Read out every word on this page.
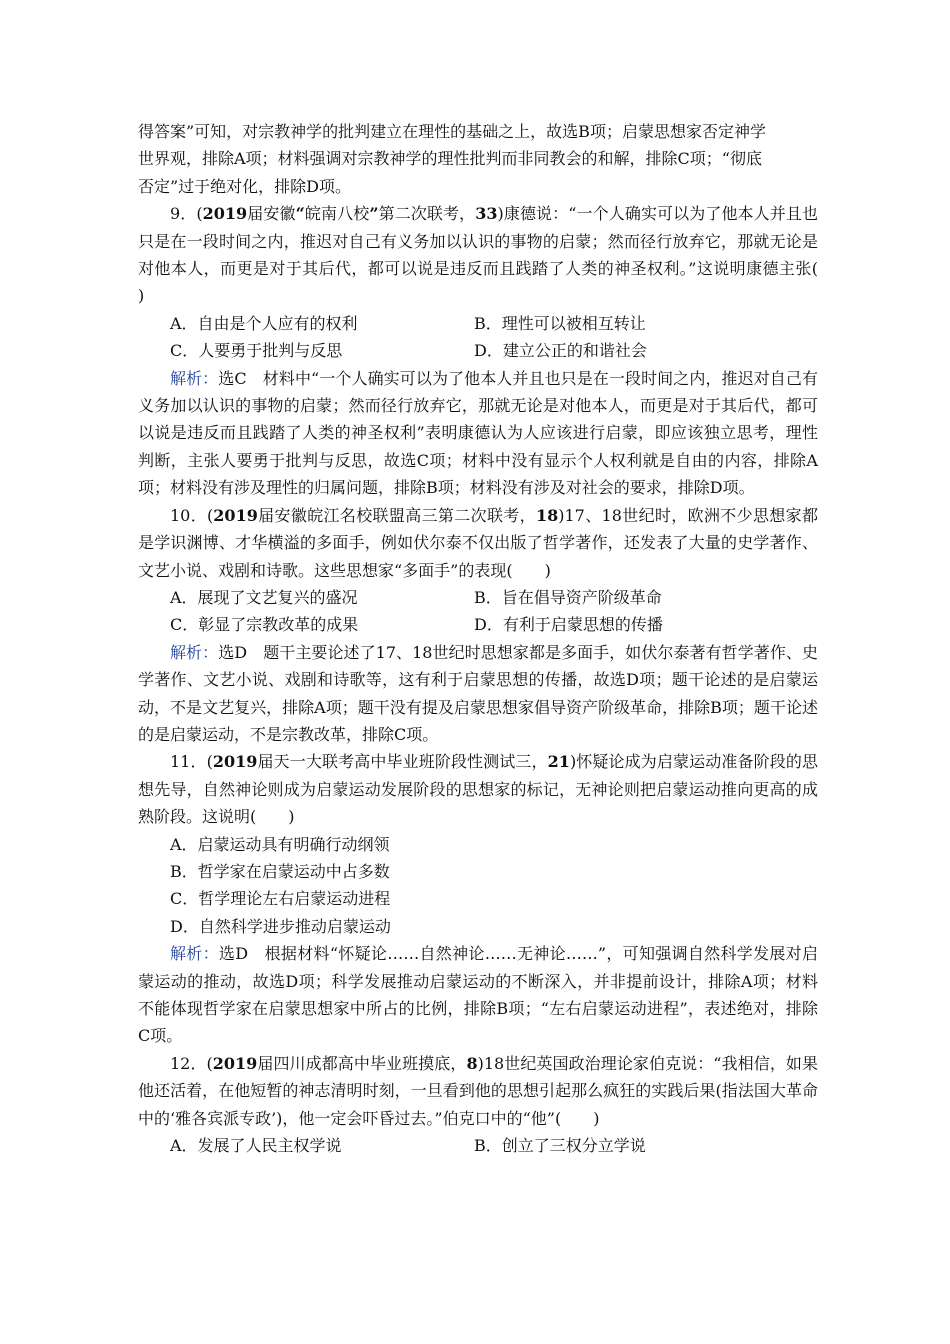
得答案”可知，对宗教神学的批判建立在理性的基础之上，故选B项；启蒙思想家否定神学

世界观，排除A项；材料强调对宗教神学的理性批判而非同教会的和解，排除C项；“彻底

否定”过于绝对化，排除D项。

9．(2019届安徽“皖南八校”第二次联考，33)康德说：“一个人确实可以为了他本人并且也只是在一段时间之内，推迟对自己有义务加以认识的事物的启蒙；然而径行放弃它，那就无论是对他本人，而更是对于其后代，都可以说是违反而且践踏了人类的神圣权利。”这说明康德主张(　　)

A．自由是个人应有的权利	B．理性可以被相互转让
C．人要勇于批判与反思	D．建立公正的和谐社会

解析：选C　材料中“一个人确实可以为了他本人并且也只是在一段时间之内，推迟对自己有义务加以认识的事物的启蒙；然而径行放弃它，那就无论是对他本人，而更是对于其后代，都可以说是违反而且践踏了人类的神圣权利”表明康德认为人应该进行启蒙，即应该独立思考，理性判断，主张人要勇于批判与反思，故选C项；材料中没有显示个人权利就是自由的内容，排除A项；材料没有涉及理性的归属问题，排除B项；材料没有涉及对社会的要求，排除D项。

10．(2019届安徽皖江名校联盟高三第二次联考，18)17、18世纪时，欧洲不少思想家都是学识渊博、才华横溢的多面手，例如伏尔泰不仅出版了哲学著作，还发表了大量的史学著作、文艺小说、戏剧和诗歌。这些思想家“多面手”的表现(　　)

A．展现了文艺复兴的盛况	B．旨在倡导资产阶级革命
C．彰显了宗教改革的成果	D．有利于启蒙思想的传播

解析：选D　题干主要论述了17、18世纪时思想家都是多面手，如伏尔泰著有哲学著作、史学著作、文艺小说、戏剧和诗歌等，这有利于启蒙思想的传播，故选D项；题干论述的是启蒙运动，不是文艺复兴，排除A项；题干没有提及启蒙思想家倡导资产阶级革命，排除B项；题干论述的是启蒙运动，不是宗教改革，排除C项。

11．(2019届天一大联考高中毕业班阶段性测试三，21)怀疑论成为启蒙运动准备阶段的思想先导，自然神论则成为启蒙运动发展阶段的思想家的标记，无神论则把启蒙运动推向更高的成熟阶段。这说明(　　)

A．启蒙运动具有明确行动纲领

B．哲学家在启蒙运动中占多数

C．哲学理论左右启蒙运动进程

D．自然科学进步推动启蒙运动

解析：选D　根据材料“怀疑论……自然神论……无神论……”，可知强调自然科学发展对启蒙运动的推动，故选D项；科学发展推动启蒙运动的不断深入，并非提前设计，排除A项；材料不能体现哲学家在启蒙思想家中所占的比例，排除B项；“左右启蒙运动进程”，表述绝对，排除C项。

12．(2019届四川成都高中毕业班摸底，8)18世纪英国政治理论家伯克说：“我相信，如果他还活着，在他短暂的神志清明时刻，一旦看到他的思想引起那么疯狂的实践后果(指法国大革命中的‘雅各宾派专政’)，他一定会吓昏过去。”伯克口中的“他”(　　)

A．发展了人民主权学说	B．创立了三权分立学说
